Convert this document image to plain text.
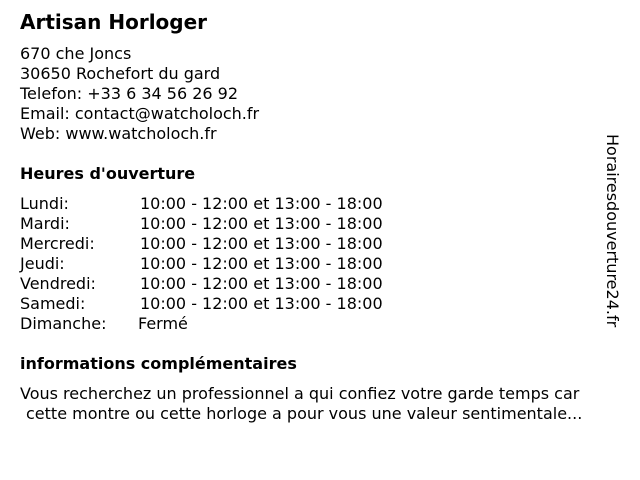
Artisan Horloger
670 che Joncs
30650 Rochefort du gard
Telefon: +33 6 34 56 26 92
Email: contact@watcholoch.fr
Web: www.watcholoch.fr
Heures d'ouverture
Lundi:	10:00 - 12:00 et 13:00 - 18:00
Mardi:	10:00 - 12:00 et 13:00 - 18:00
Mercredi:	10:00 - 12:00 et 13:00 - 18:00
Jeudi:	10:00 - 12:00 et 13:00 - 18:00
Vendredi:	10:00 - 12:00 et 13:00 - 18:00
Samedi:	10:00 - 12:00 et 13:00 - 18:00
Dimanche: Fermé
informations complémentaires
Vous recherchez un professionnel a qui confiez votre garde temps car
cette montre ou cette horloge a pour vous une valeur sentimentale...
Horairesdouverture24.fr
